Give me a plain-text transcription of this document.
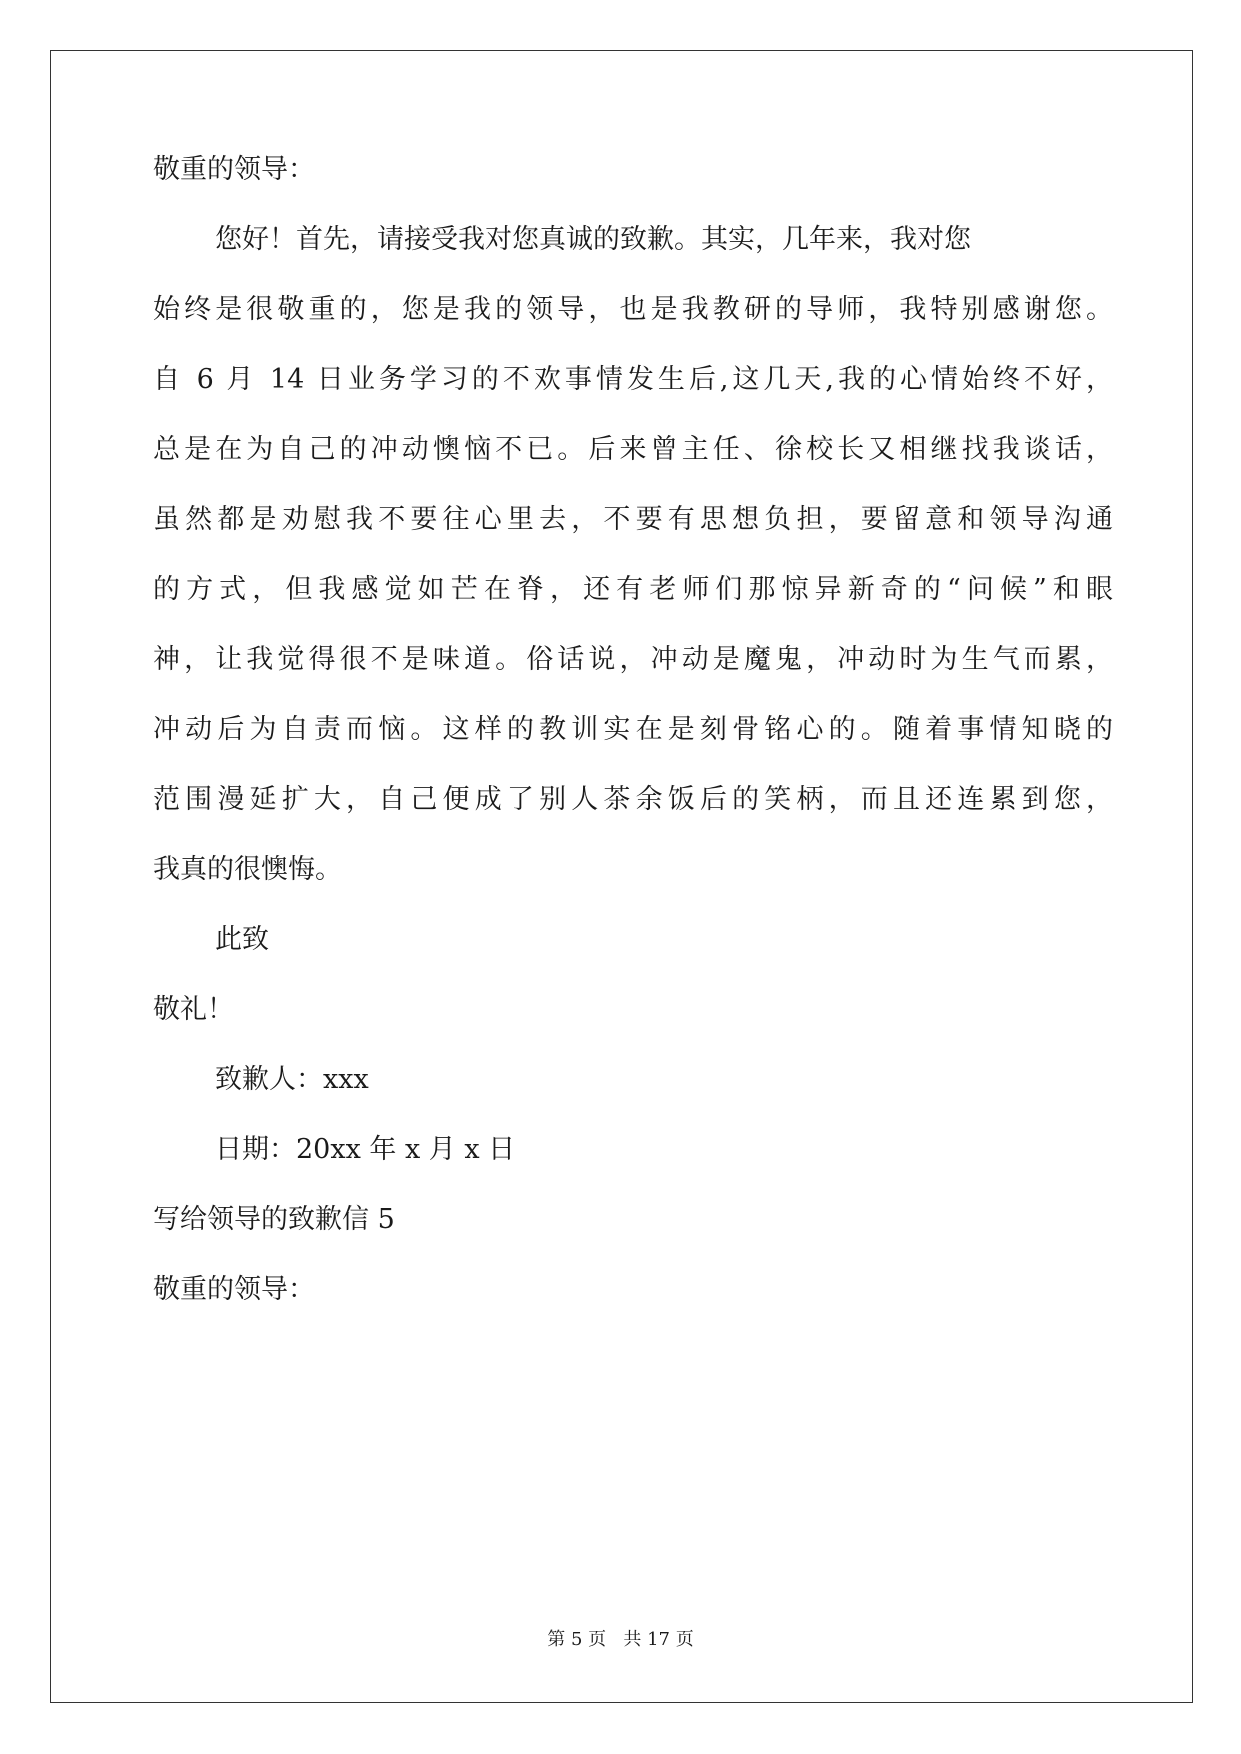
敬重的领导：

您好！首先，请接受我对您真诚的致歉。其实，几年来，我对您

始终是很敬重的，您是我的领导，也是我教研的导师，我特别感谢您。

自 6 月 14 日业务学习的不欢事情发生后,这几天,我的心情始终不好，

总是在为自己的冲动懊恼不已。后来曾主任、徐校长又相继找我谈话，

虽然都是劝慰我不要往心里去，不要有思想负担，要留意和领导沟通

的方式，但我感觉如芒在脊，还有老师们那惊异新奇的“问候”和眼

神，让我觉得很不是味道。俗话说，冲动是魔鬼，冲动时为生气而累，

冲动后为自责而恼。这样的教训实在是刻骨铭心的。随着事情知晓的

范围漫延扩大，自己便成了别人茶余饭后的笑柄，而且还连累到您，

我真的很懊悔。

此致

敬礼！

致歉人：xxx

日期：20xx 年 x 月 x 日

写给领导的致歉信 5

敬重的领导：

第 5 页 共 17 页
